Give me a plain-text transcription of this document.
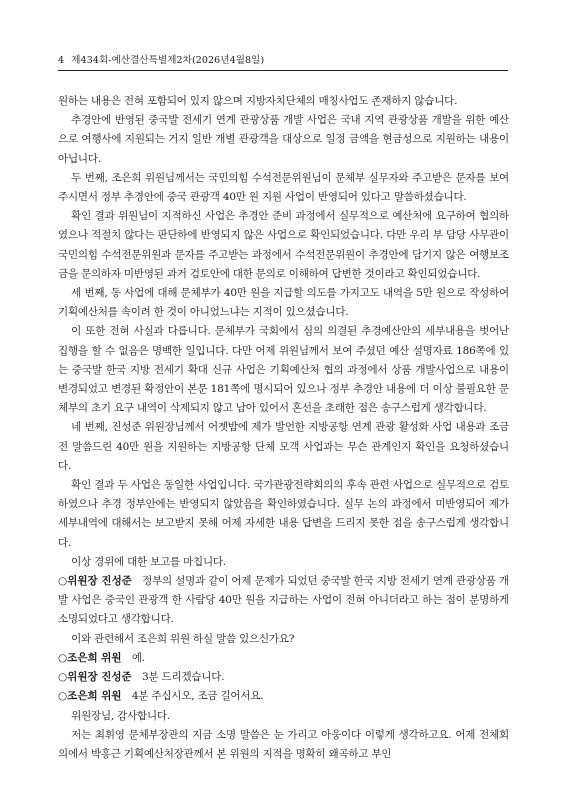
4 제434회-예산결산특별제2차(2026년4월8일)

원하는 내용은 전혀 포함되어 있지 않으며 지방자치단체의 매칭사업도 존재하지 않습니다.

추경안에 반영된 중국발 전세기 연계 관광상품 개발 사업은 국내 지역 관광상품 개발을 위한 예산으로 여행사에 지원되는 거지 일반 개별 관광객을 대상으로 일정 금액을 현금성으로 지원하는 내용이 아닙니다.

두 번째, 조은희 위원님께서는 국민의힘 수석전문위원님이 문체부 실무자와 주고받은 문자를 보여 주시면서 정부 추경안에 중국 관광객 40만 원 지원 사업이 반영되어 있다고 말씀하셨습니다.

확인 결과 위원님이 지적하신 사업은 추경안 준비 과정에서 실무적으로 예산처에 요구하여 협의하였으나 적절치 않다는 판단하에 반영되지 않은 사업으로 확인되었습니다. 다만 우리 부 담당 사무관이 국민의힘 수석전문위원과 문자를 주고받는 과정에서 수석전문위원이 추경안에 담기지 않은 여행보조금을 문의하자 미반영된 과거 검토안에 대한 문의로 이해하여 답변한 것이라고 확인되었습니다.

세 번째, 동 사업에 대해 문체부가 40만 원을 지급할 의도를 가지고도 내역을 5만 원으로 작성하여 기획예산처를 속이려 한 것이 아니었느냐는 지적이 있으셨습니다.

이 또한 전혀 사실과 다릅니다. 문체부가 국회에서 심의 의결된 추경예산안의 세부내용을 벗어난 집행을 할 수 없음은 명백한 일입니다. 다만 어제 위원님께서 보여 주셨던 예산 설명자료 186쪽에 있는 중국발 한국 지방 전세기 확대 신규 사업은 기획예산처 협의 과정에서 상품 개발사업으로 내용이 변경되었고 변경된 확정안이 본문 181쪽에 명시되어 있으나 정부 추경안 내용에 더 이상 불필요한 문체부의 초기 요구 내역이 삭제되지 않고 남아 있어서 혼선을 초래한 점은 송구스럽게 생각합니다.

네 번째, 진성준 위원장님께서 어젯밤에 제가 발언한 지방공항 연계 관광 활성화 사업 내용과 조금 전 말씀드린 40만 원을 지원하는 지방공항 단체 모객 사업과는 무슨 관계인지 확인을 요청하셨습니다.

확인 결과 두 사업은 동일한 사업입니다. 국가관광전략회의의 후속 관련 사업으로 실무적으로 검토하였으나 추경 정부안에는 반영되지 않았음을 확인하였습니다. 실무 논의 과정에서 미반영되어 제가 세부내역에 대해서는 보고받지 못해 어제 자세한 내용 답변을 드리지 못한 점을 송구스럽게 생각합니다.

이상 경위에 대한 보고를 마칩니다.

○위원장 진성준  정부의 설명과 같이 어제 문제가 되었던 중국발 한국 지방 전세기 연계 관광상품 개발 사업은 중국인 관광객 한 사람당 40만 원을 지급하는 사업이 전혀 아니더라고 하는 점이 분명하게 소명되었다고 생각합니다.

이와 관련해서 조은희 위원 하실 말씀 있으신가요?

○조은희 위원  예.

○위원장 진성준  3분 드리겠습니다.

○조은희 위원  4분 주십시오, 조금 길어서요.

위원장님, 감사합니다.

저는 최휘영 문체부장관의 지금 소명 말씀은 눈 가리고 아웅이다 이렇게 생각하고요. 어제 전체회의에서 박홍근 기획예산처장관께서 본 위원의 지적을 명확히 왜곡하고 부인
